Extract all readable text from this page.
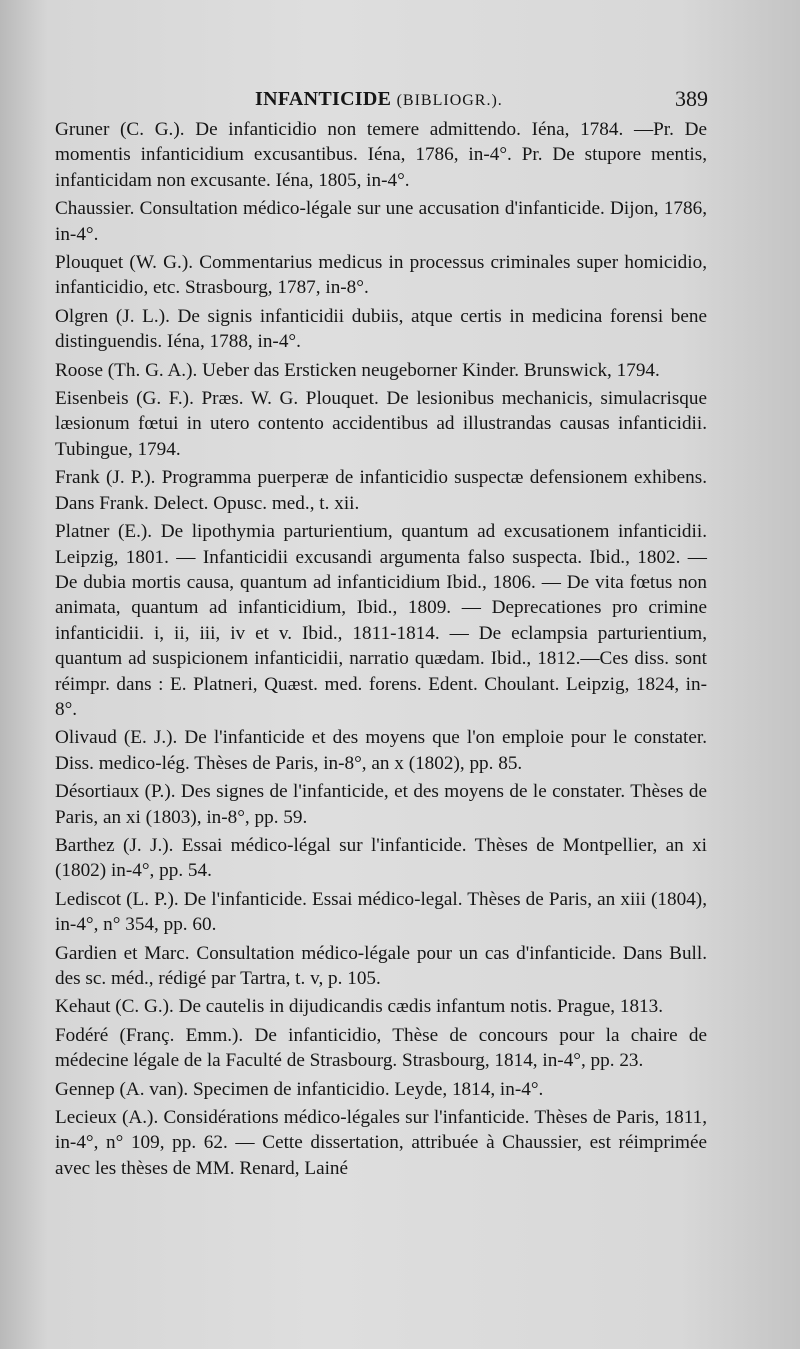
INFANTICIDE (BIBLIOGR.).	389

Gruner (C. G.). De infanticidio non temere admittendo. Iéna, 1784. —Pr. De momentis infanticidium excusantibus. Iéna, 1786, in-4°. Pr. De stupore mentis, infanticidam non excusante. Iéna, 1805, in-4°.

Chaussier. Consultation médico-légale sur une accusation d'infanticide. Dijon, 1786, in-4°.

Plouquet (W. G.). Commentarius medicus in processus criminales super homicidio, infanticidio, etc. Strasbourg, 1787, in-8°.

Olgren (J. L.). De signis infanticidii dubiis, atque certis in medicina forensi bene distinguendis. Iéna, 1788, in-4°.

Roose (Th. G. A.). Ueber das Ersticken neugeborner Kinder. Brunswick, 1794.

Eisenbeis (G. F.). Præs. W. G. Plouquet. De lesionibus mechanicis, simulacrisque læsionum fœtui in utero contento accidentibus ad illustrandas causas infanticidii. Tubingue, 1794.

Frank (J. P.). Programma puerperæ de infanticidio suspectæ defensionem exhibens. Dans Frank. Delect. Opusc. med., t. xii.

Platner (E.). De lipothymia parturientium, quantum ad excusationem infanticidii. Leipzig, 1801. — Infanticidii excusandi argumenta falso suspecta. Ibid., 1802. — De dubia mortis causa, quantum ad infanticidium Ibid., 1806. — De vita fœtus non animata, quantum ad infanticidium, Ibid., 1809. — Deprecationes pro crimine infanticidii. i, ii, iii, iv et v. Ibid., 1811-1814. — De eclampsia parturientium, quantum ad suspicionem infanticidii, narratio quædam. Ibid., 1812.—Ces diss. sont réimpr. dans : E. Platneri, Quæst. med. forens. Edent. Choulant. Leipzig, 1824, in-8°.

Olivaud (E. J.). De l'infanticide et des moyens que l'on emploie pour le constater. Diss. medico-lég. Thèses de Paris, in-8°, an x (1802), pp. 85.

Désortiaux (P.). Des signes de l'infanticide, et des moyens de le constater. Thèses de Paris, an xi (1803), in-8°, pp. 59.

Barthez (J. J.). Essai médico-légal sur l'infanticide. Thèses de Montpellier, an xi (1802) in-4°, pp. 54.

Lediscot (L. P.). De l'infanticide. Essai médico-legal. Thèses de Paris, an xiii (1804), in-4°, n° 354, pp. 60.

Gardien et Marc. Consultation médico-légale pour un cas d'infanticide. Dans Bull. des sc. méd., rédigé par Tartra, t. v, p. 105.

Kehaut (C. G.). De cautelis in dijudicandis cædis infantum notis. Prague, 1813.

Fodéré (Franç. Emm.). De infanticidio, Thèse de concours pour la chaire de médecine légale de la Faculté de Strasbourg. Strasbourg, 1814, in-4°, pp. 23.

Gennep (A. van). Specimen de infanticidio. Leyde, 1814, in-4°.

Lecieux (A.). Considérations médico-légales sur l'infanticide. Thèses de Paris, 1811, in-4°, n° 109, pp. 62. — Cette dissertation, attribuée à Chaussier, est réimprimée avec les thèses de MM. Renard, Lainé
